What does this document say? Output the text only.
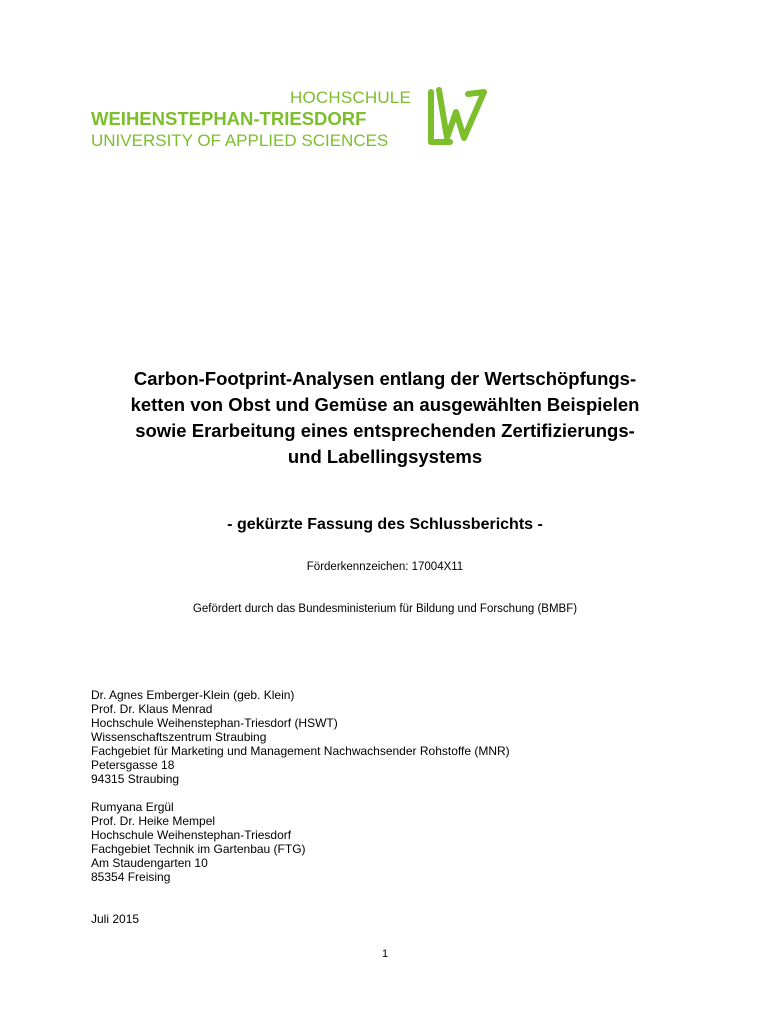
HOCHSCHULE
WEIHENSTEPHAN-TRIESDORF
UNIVERSITY OF APPLIED SCIENCES
Carbon-Footprint-Analysen entlang der Wertschöpfungs-
ketten von Obst und Gemüse an ausgewählten Beispielen
sowie Erarbeitung eines entsprechenden Zertifizierungs-
und Labellingsystems
- gekürzte Fassung des Schlussberichts -

Förderkennzeichen: 17004X11

Gefördert durch das Bundesministerium für Bildung und Forschung (BMBF)

Dr. Agnes Emberger-Klein (geb. Klein)
Prof. Dr. Klaus Menrad
Hochschule Weihenstephan-Triesdorf (HSWT)
Wissenschaftszentrum Straubing
Fachgebiet für Marketing und Management Nachwachsender Rohstoffe (MNR)
Petersgasse 18
94315 Straubing
Rumyana Ergül
Prof. Dr. Heike Mempel
Hochschule Weihenstephan-Triesdorf
Fachgebiet Technik im Gartenbau (FTG)
Am Staudengarten 10
85354 Freising
Juli 2015
1
